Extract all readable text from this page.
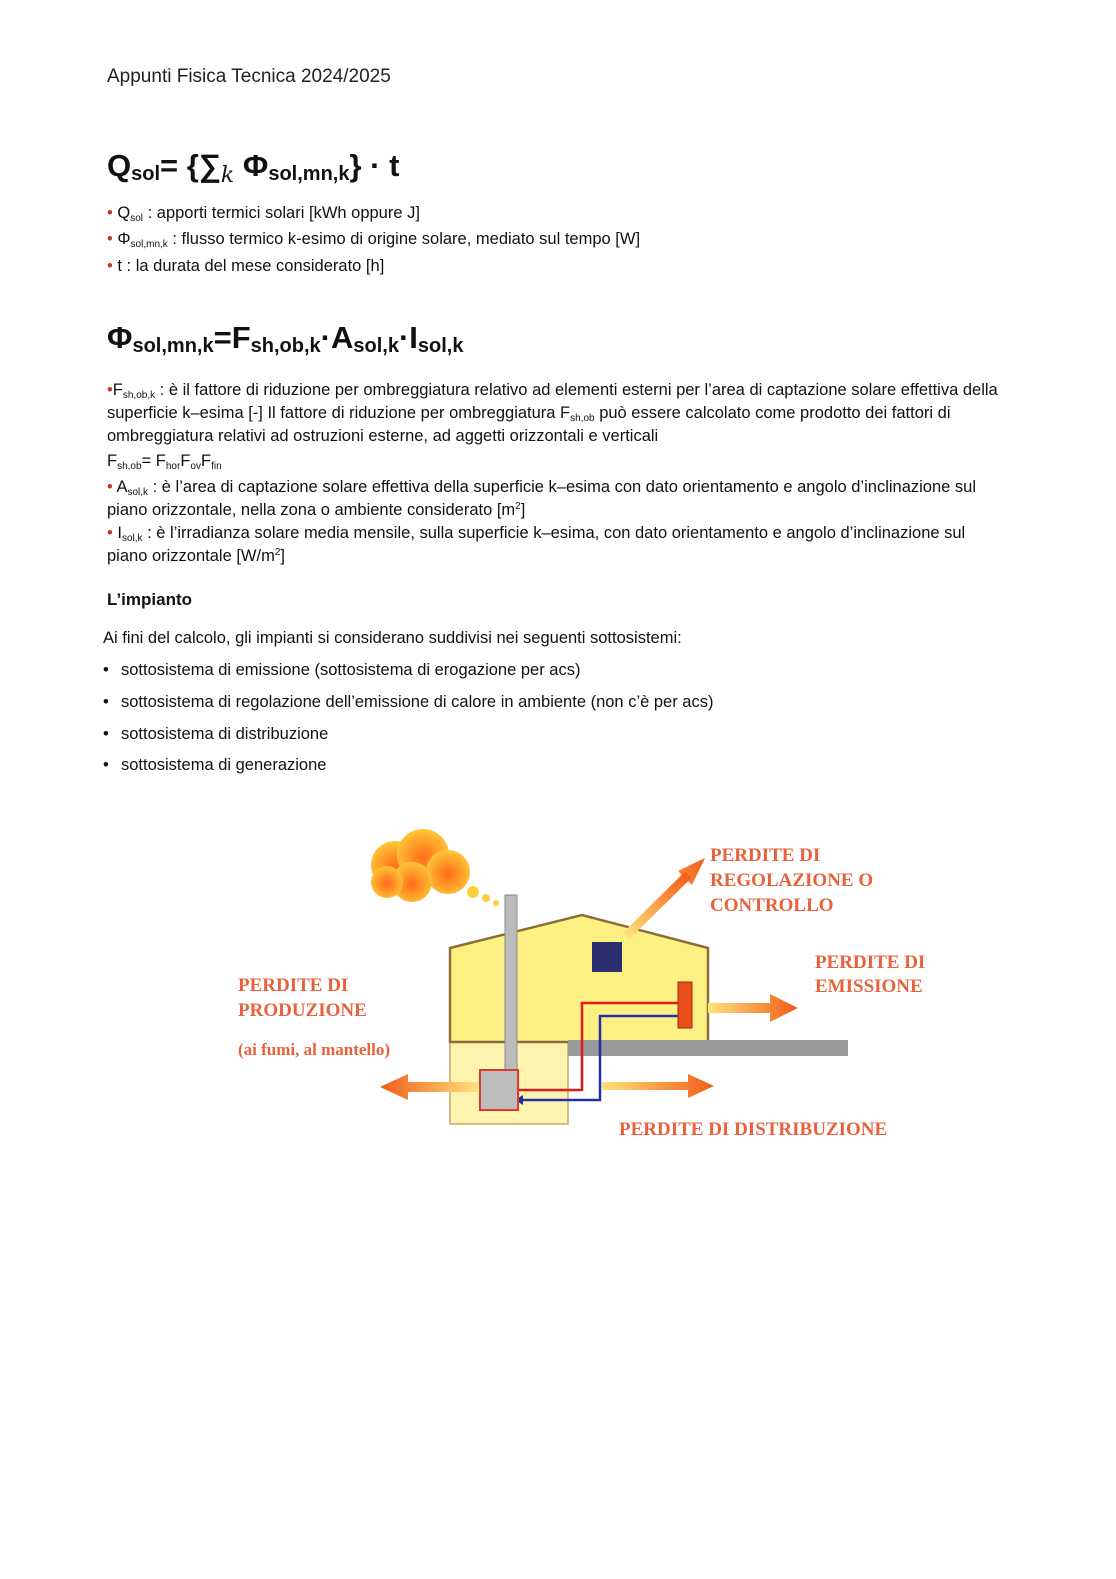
Appunti Fisica Tecnica 2024/2025
$Q_{sol}= \{\sum k$ $\Phi_{sol,mn,k}\} \cdot t$
• $Q_{sol}$ : apporti termici solari [kWh oppure J]
• $\Phi_{sol,mn,k}$ : flusso termico k-esimo di origine solare, mediato sul tempo [W]
• t : la durata del mese considerato [h]
$\Phi_{sol,mn,k}=F_{sh,ob,k}\cdot A_{sol,k}\cdot I_{sol,k}$
$•F_{sh,ob,k}$ : è il fattore di riduzione per ombreggiatura relativo ad elementi esterni per l’area di captazione solare effettiva della superficie k–esima [-] Il fattore di riduzione per ombreggiatura $F_{sh,ob}$ può essere calcolato come prodotto dei fattori di ombreggiatura relativi ad ostruzioni esterne, ad aggetti orizzontali e verticali
$F_{sh,ob}= F_{hor}F_{ov}F_{fin}$
• $A_{sol,k}$ : è l’area di captazione solare effettiva della superficie k–esima con dato orientamento e angolo d’inclinazione sul piano orizzontale, nella zona o ambiente considerato $[m^2]$
• $I_{sol,k}$ : è l’irradianza solare media mensile, sulla superficie k–esima, con dato orientamento e angolo d’inclinazione sul piano orizzontale $[W/m^2]$
L’impianto
Ai fini del calcolo, gli impianti si considerano suddivisi nei seguenti sottosistemi:
• sottosistema di emissione (sottosistema di erogazione per acs)
• sottosistema di regolazione dell’emissione di calore in ambiente (non c’è per acs)
• sottosistema di distribuzione
• sottosistema di generazione
PERDITE DI
REGOLAZIONE O
CONTROLLO
PERDITE DI
EMISSIONE
PERDITE DI
PRODUZIONE
(ai fumi, al mantello)
PERDITE DI DISTRIBUZIONE
